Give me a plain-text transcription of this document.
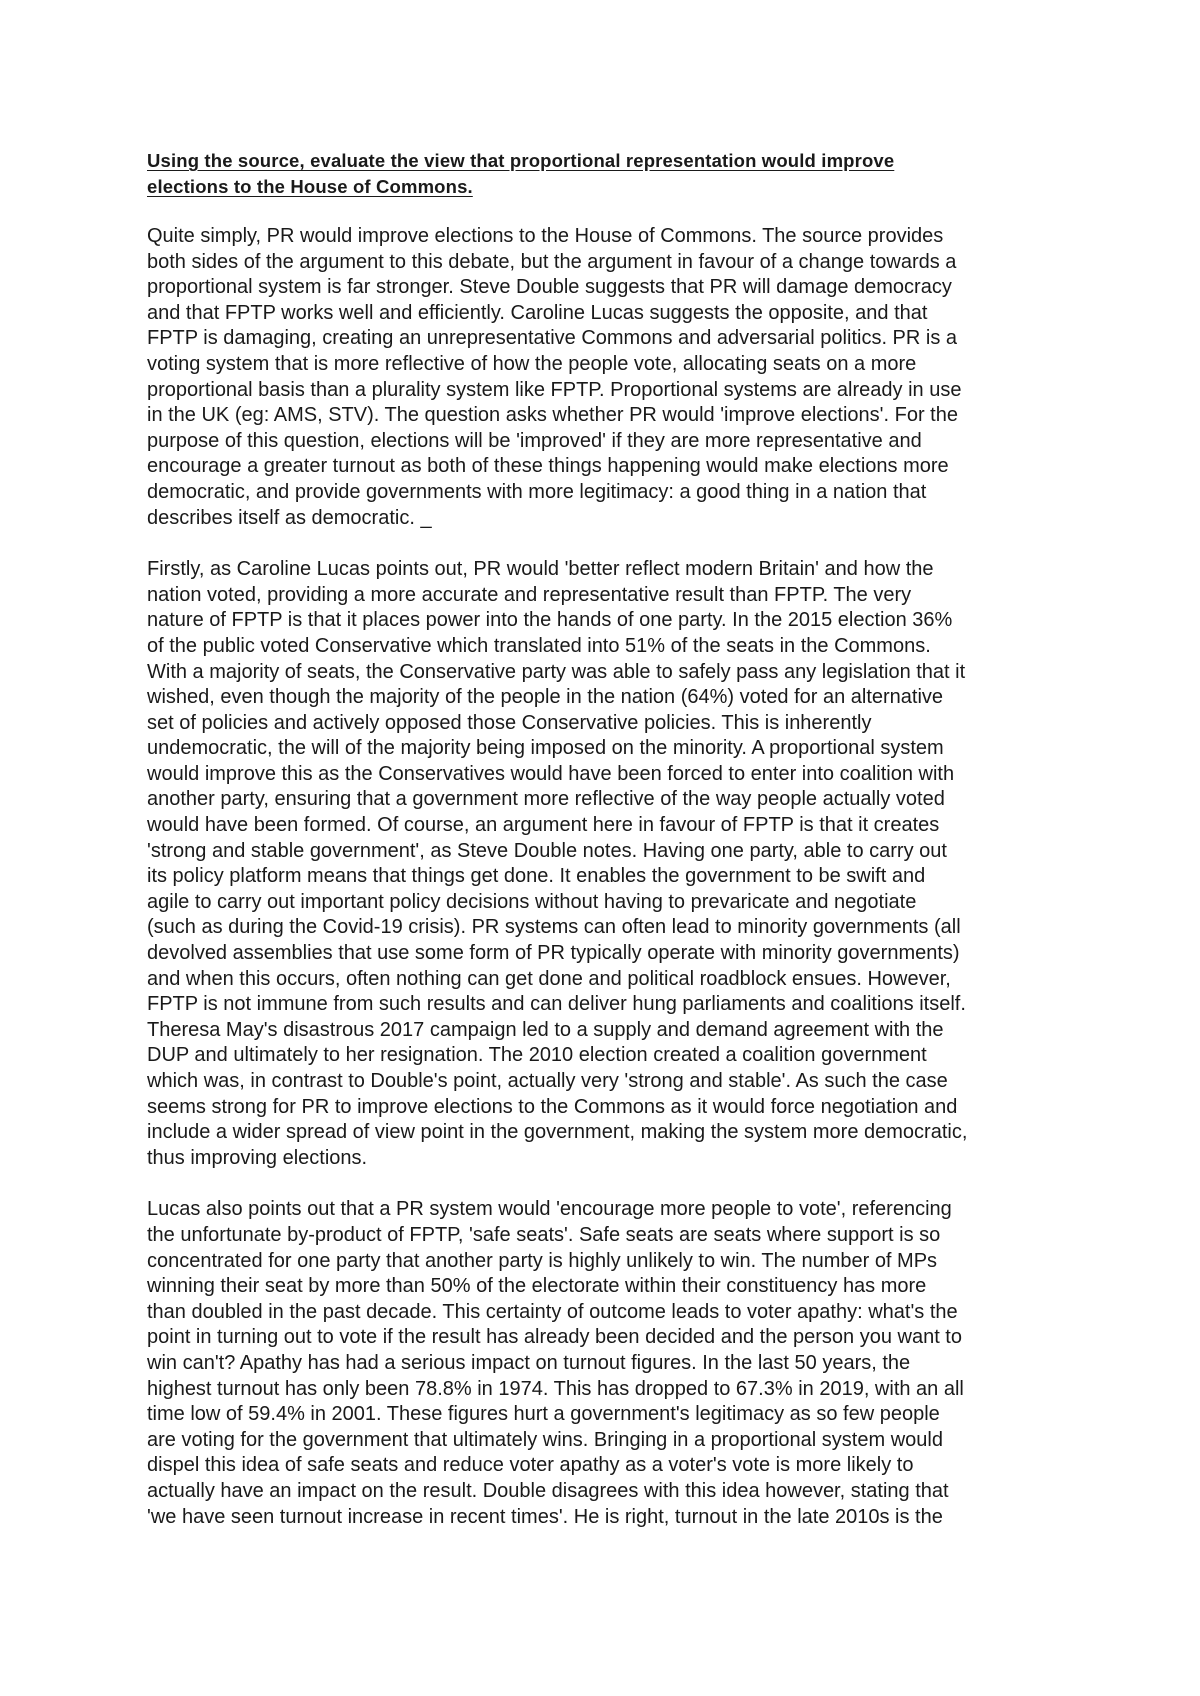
Using the source, evaluate the view that proportional representation would improve
elections to the House of Commons.
Quite simply, PR would improve elections to the House of Commons. The source provides
both sides of the argument to this debate, but the argument in favour of a change towards a
proportional system is far stronger. Steve Double suggests that PR will damage democracy
and that FPTP works well and efficiently. Caroline Lucas suggests the opposite, and that
FPTP is damaging, creating an unrepresentative Commons and adversarial politics. PR is a
voting system that is more reflective of how the people vote, allocating seats on a more
proportional basis than a plurality system like FPTP. Proportional systems are already in use
in the UK (eg: AMS, STV). The question asks whether PR would 'improve elections'. For the
purpose of this question, elections will be 'improved' if they are more representative and
encourage a greater turnout as both of these things happening would make elections more
democratic, and provide governments with more legitimacy: a good thing in a nation that
describes itself as democratic. _
Firstly, as Caroline Lucas points out, PR would 'better reflect modern Britain' and how the
nation voted, providing a more accurate and representative result than FPTP. The very
nature of FPTP is that it places power into the hands of one party. In the 2015 election 36%
of the public voted Conservative which translated into 51% of the seats in the Commons.
With a majority of seats, the Conservative party was able to safely pass any legislation that it
wished, even though the majority of the people in the nation (64%) voted for an alternative
set of policies and actively opposed those Conservative policies. This is inherently
undemocratic, the will of the majority being imposed on the minority. A proportional system
would improve this as the Conservatives would have been forced to enter into coalition with
another party, ensuring that a government more reflective of the way people actually voted
would have been formed. Of course, an argument here in favour of FPTP is that it creates
'strong and stable government', as Steve Double notes. Having one party, able to carry out
its policy platform means that things get done. It enables the government to be swift and
agile to carry out important policy decisions without having to prevaricate and negotiate
(such as during the Covid-19 crisis). PR systems can often lead to minority governments (all
devolved assemblies that use some form of PR typically operate with minority governments)
and when this occurs, often nothing can get done and political roadblock ensues. However,
FPTP is not immune from such results and can deliver hung parliaments and coalitions itself.
Theresa May's disastrous 2017 campaign led to a supply and demand agreement with the
DUP and ultimately to her resignation. The 2010 election created a coalition government
which was, in contrast to Double's point, actually very 'strong and stable'. As such the case
seems strong for PR to improve elections to the Commons as it would force negotiation and
include a wider spread of view point in the government, making the system more democratic,
thus improving elections.
Lucas also points out that a PR system would 'encourage more people to vote', referencing
the unfortunate by-product of FPTP, 'safe seats'. Safe seats are seats where support is so
concentrated for one party that another party is highly unlikely to win. The number of MPs
winning their seat by more than 50% of the electorate within their constituency has more
than doubled in the past decade. This certainty of outcome leads to voter apathy: what's the
point in turning out to vote if the result has already been decided and the person you want to
win can't? Apathy has had a serious impact on turnout figures. In the last 50 years, the
highest turnout has only been 78.8% in 1974. This has dropped to 67.3% in 2019, with an all
time low of 59.4% in 2001. These figures hurt a government's legitimacy as so few people
are voting for the government that ultimately wins. Bringing in a proportional system would
dispel this idea of safe seats and reduce voter apathy as a voter's vote is more likely to
actually have an impact on the result. Double disagrees with this idea however, stating that
'we have seen turnout increase in recent times'. He is right, turnout in the late 2010s is the
